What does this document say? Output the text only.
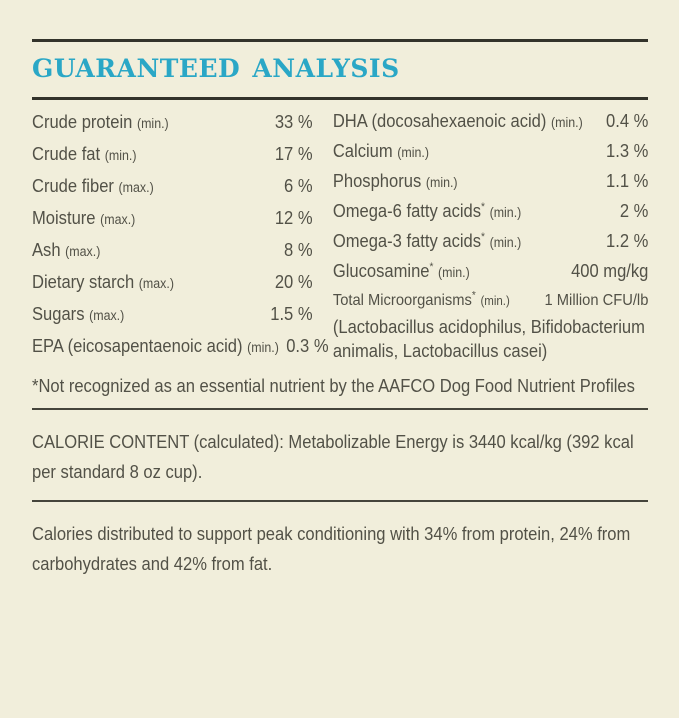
GUARANTEED ANALYSIS
Crude protein (min.)	33 %
Crude fat (min.)	17 %
Crude fiber (max.)	6 %
Moisture (max.)	12 %
Ash (max.)	8 %
Dietary starch (max.)	20 %
Sugars (max.)	1.5 %
EPA (eicosapentaenoic acid) (min.) 0.3 %
DHA (docosahexaenoic acid) (min.) 0.4 %
Calcium (min.)	1.3 %
Phosphorus (min.)	1.1 %
Omega-6 fatty acids* (min.)	2 %
Omega-3 fatty acids* (min.)	1.2 %
Glucosamine* (min.)	400 mg/kg
Total Microorganisms* (min.) 1 Million CFU/lb
(Lactobacillus acidophilus, Bifidobacterium animalis, Lactobacillus casei)

*Not recognized as an essential nutrient by the AAFCO Dog Food Nutrient Profiles

CALORIE CONTENT (calculated): Metabolizable Energy is 3440 kcal/kg (392 kcal per standard 8 oz cup).

Calories distributed to support peak conditioning with 34% from protein, 24% from carbohydrates and 42% from fat.
